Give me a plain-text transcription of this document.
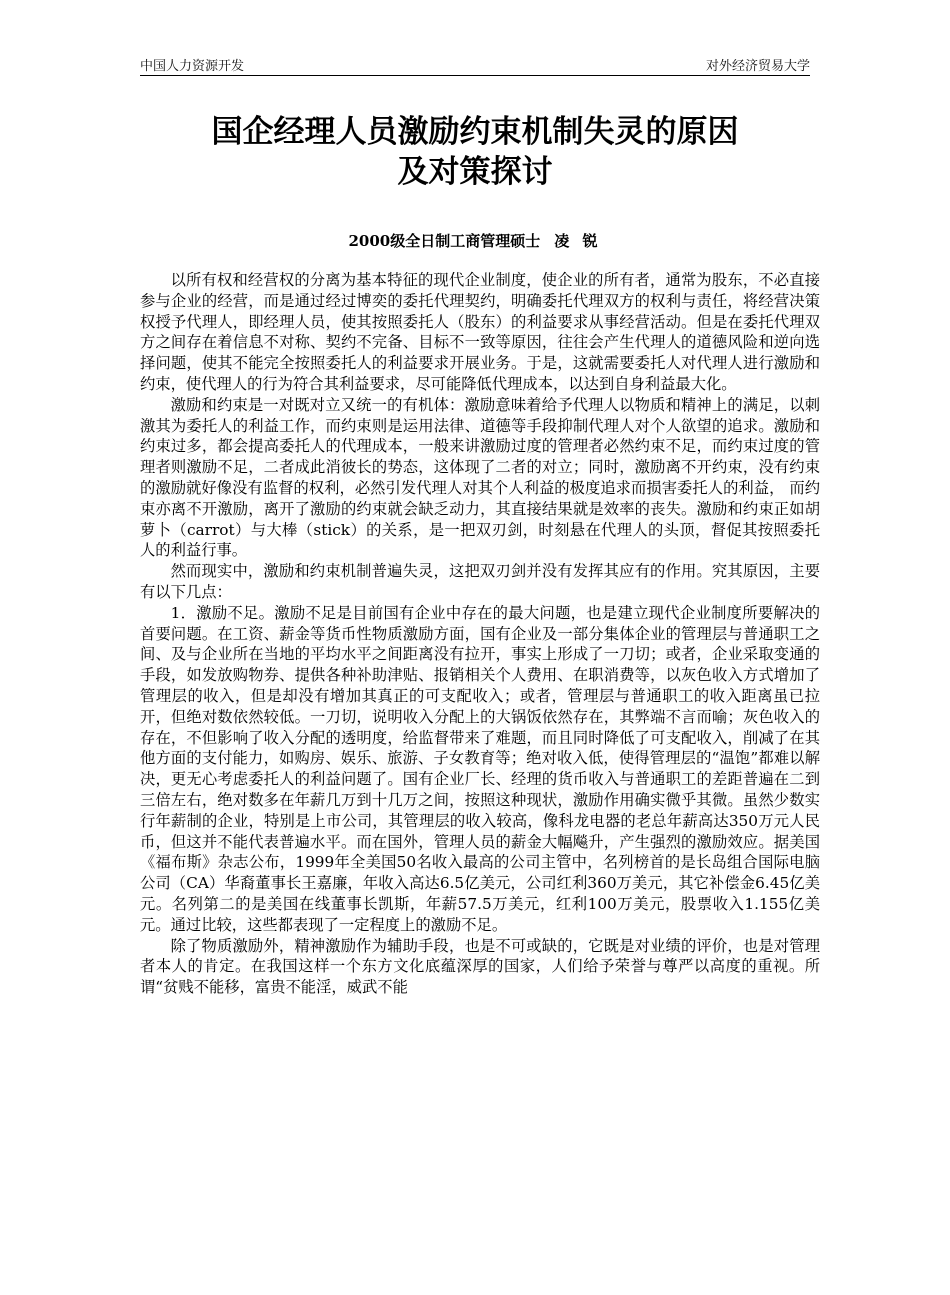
中国人力资源开发	对外经济贸易大学
国企经理人员激励约束机制失灵的原因
及对策探讨
2000级全日制工商管理硕士 凌 锐

以所有权和经营权的分离为基本特征的现代企业制度，使企业的所有者，通常为股东，不必直接参与企业的经营，而是通过经过博奕的委托代理契约，明确委托代理双方的权利与责任，将经营决策权授予代理人，即经理人员，使其按照委托人（股东）的利益要求从事经营活动。但是在委托代理双方之间存在着信息不对称、契约不完备、目标不一致等原因，往往会产生代理人的道德风险和逆向选择问题，使其不能完全按照委托人的利益要求开展业务。于是，这就需要委托人对代理人进行激励和约束，使代理人的行为符合其利益要求，尽可能降低代理成本，以达到自身利益最大化。

激励和约束是一对既对立又统一的有机体：激励意味着给予代理人以物质和精神上的满足，以刺激其为委托人的利益工作，而约束则是运用法律、道德等手段抑制代理人对个人欲望的追求。激励和约束过多，都会提高委托人的代理成本，一般来讲激励过度的管理者必然约束不足，而约束过度的管理者则激励不足，二者成此消彼长的势态，这体现了二者的对立；同时，激励离不开约束，没有约束的激励就好像没有监督的权利，必然引发代理人对其个人利益的极度追求而损害委托人的利益， 而约束亦离不开激励，离开了激励的约束就会缺乏动力，其直接结果就是效率的丧失。激励和约束正如胡萝卜（carrot）与大棒（stick）的关系，是一把双刃剑，时刻悬在代理人的头顶，督促其按照委托人的利益行事。

然而现实中，激励和约束机制普遍失灵，这把双刃剑并没有发挥其应有的作用。究其原因，主要有以下几点：

1．激励不足。激励不足是目前国有企业中存在的最大问题，也是建立现代企业制度所要解决的首要问题。在工资、薪金等货币性物质激励方面，国有企业及一部分集体企业的管理层与普通职工之间、及与企业所在当地的平均水平之间距离没有拉开，事实上形成了一刀切；或者，企业采取变通的手段，如发放购物券、提供各种补助津贴、报销相关个人费用、在职消费等，以灰色收入方式增加了管理层的收入，但是却没有增加其真正的可支配收入；或者，管理层与普通职工的收入距离虽已拉开，但绝对数依然较低。一刀切，说明收入分配上的大锅饭依然存在，其弊端不言而喻；灰色收入的存在，不但影响了收入分配的透明度，给监督带来了难题，而且同时降低了可支配收入，削减了在其他方面的支付能力，如购房、娱乐、旅游、子女教育等；绝对收入低，使得管理层的“温饱”都难以解决，更无心考虑委托人的利益问题了。国有企业厂长、经理的货币收入与普通职工的差距普遍在二到三倍左右，绝对数多在年薪几万到十几万之间，按照这种现状，激励作用确实微乎其微。虽然少数实行年薪制的企业，特别是上市公司，其管理层的收入较高，像科龙电器的老总年薪高达350万元人民币，但这并不能代表普遍水平。而在国外，管理人员的薪金大幅飚升，产生强烈的激励效应。据美国《福布斯》杂志公布，1999年全美国50名收入最高的公司主管中，名列榜首的是长岛组合国际电脑公司（CA）华裔董事长王嘉廉，年收入高达6.5亿美元，公司红利360万美元，其它补偿金6.45亿美元。名列第二的是美国在线董事长凯斯，年薪57.5万美元，红利100万美元，股票收入1.155亿美元。通过比较，这些都表现了一定程度上的激励不足。

除了物质激励外，精神激励作为辅助手段，也是不可或缺的，它既是对业绩的评价，也是对管理者本人的肯定。在我国这样一个东方文化底蕴深厚的国家，人们给予荣誉与尊严以高度的重视。所谓“贫贱不能移，富贵不能淫，威武不能
